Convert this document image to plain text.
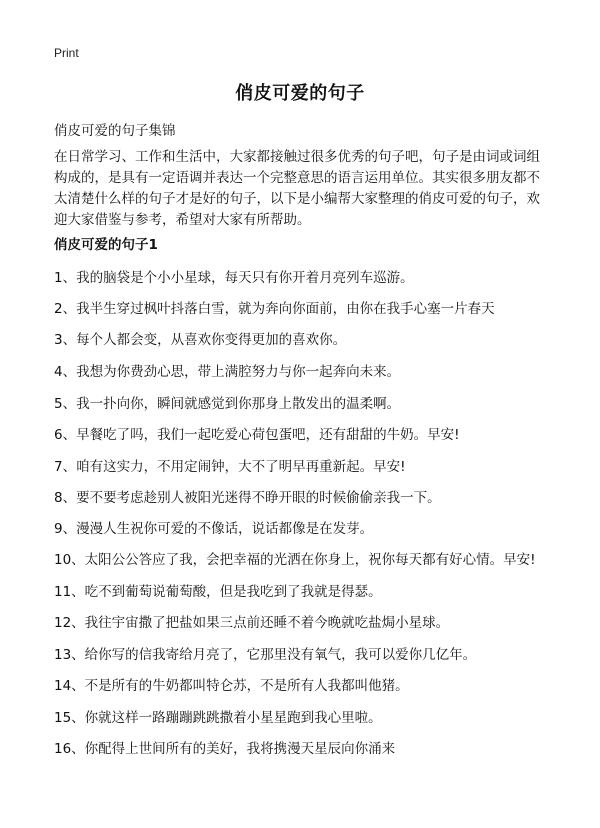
Print
俏皮可爱的句子
俏皮可爱的句子集锦
在日常学习、工作和生活中，大家都接触过很多优秀的句子吧，句子是由词或词组构成的，是具有一定语调并表达一个完整意思的语言运用单位。其实很多朋友都不太清楚什么样的句子才是好的句子，以下是小编帮大家整理的俏皮可爱的句子，欢迎大家借鉴与参考，希望对大家有所帮助。
俏皮可爱的句子1
1、我的脑袋是个小小星球，每天只有你开着月亮列车巡游。
2、我半生穿过枫叶抖落白雪，就为奔向你面前，由你在我手心塞一片春天
3、每个人都会变，从喜欢你变得更加的喜欢你。
4、我想为你费劲心思，带上满腔努力与你一起奔向未来。
5、我一扑向你，瞬间就感觉到你那身上散发出的温柔啊。
6、早餐吃了吗，我们一起吃爱心荷包蛋吧，还有甜甜的牛奶。早安!
7、咱有这实力，不用定闹钟，大不了明早再重新起。早安!
8、要不要考虑趁别人被阳光迷得不睁开眼的时候偷偷亲我一下。
9、漫漫人生祝你可爱的不像话，说话都像是在发芽。
10、太阳公公答应了我，会把幸福的光洒在你身上，祝你每天都有好心情。早安!
11、吃不到葡萄说葡萄酸，但是我吃到了我就是得瑟。
12、我往宇宙撒了把盐如果三点前还睡不着今晚就吃盐焗小星球。
13、给你写的信我寄给月亮了，它那里没有氧气，我可以爱你几亿年。
14、不是所有的牛奶都叫特仑苏，不是所有人我都叫他猪。
15、你就这样一路蹦蹦跳跳撒着小星星跑到我心里啦。
16、你配得上世间所有的美好，我将携漫天星辰向你涌来
